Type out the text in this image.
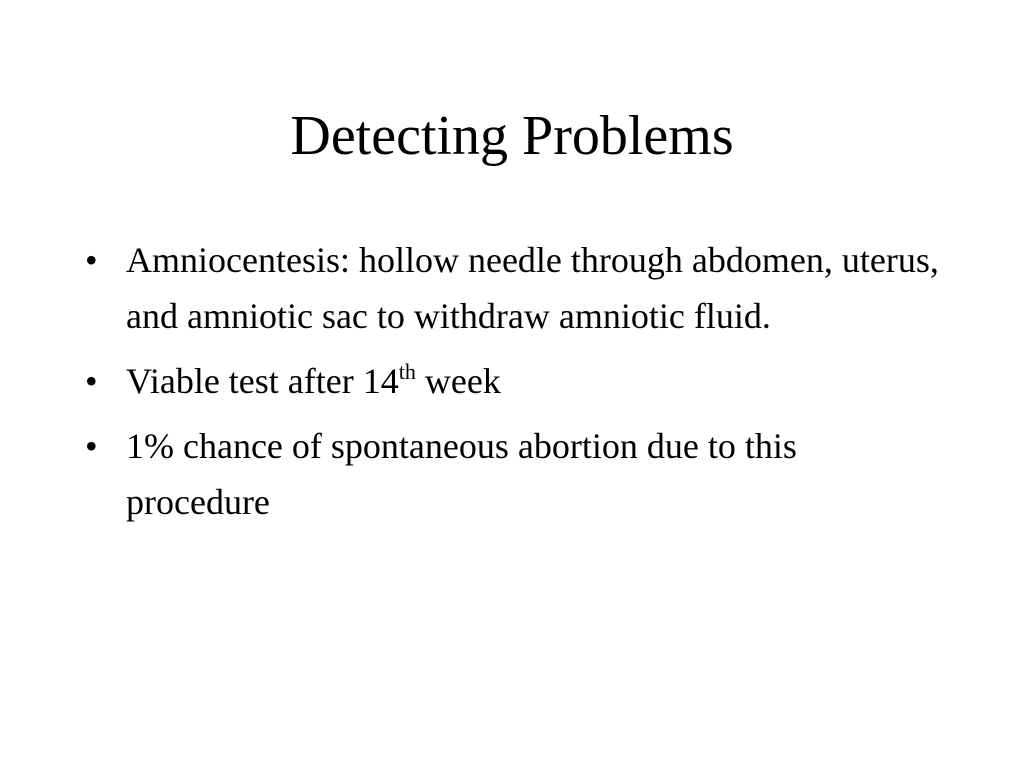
Detecting Problems
• Amniocentesis: hollow needle through abdomen, uterus, and amniotic sac to withdraw amniotic fluid.
• Viable test after 14th week
• 1% chance of spontaneous abortion due to this procedure
